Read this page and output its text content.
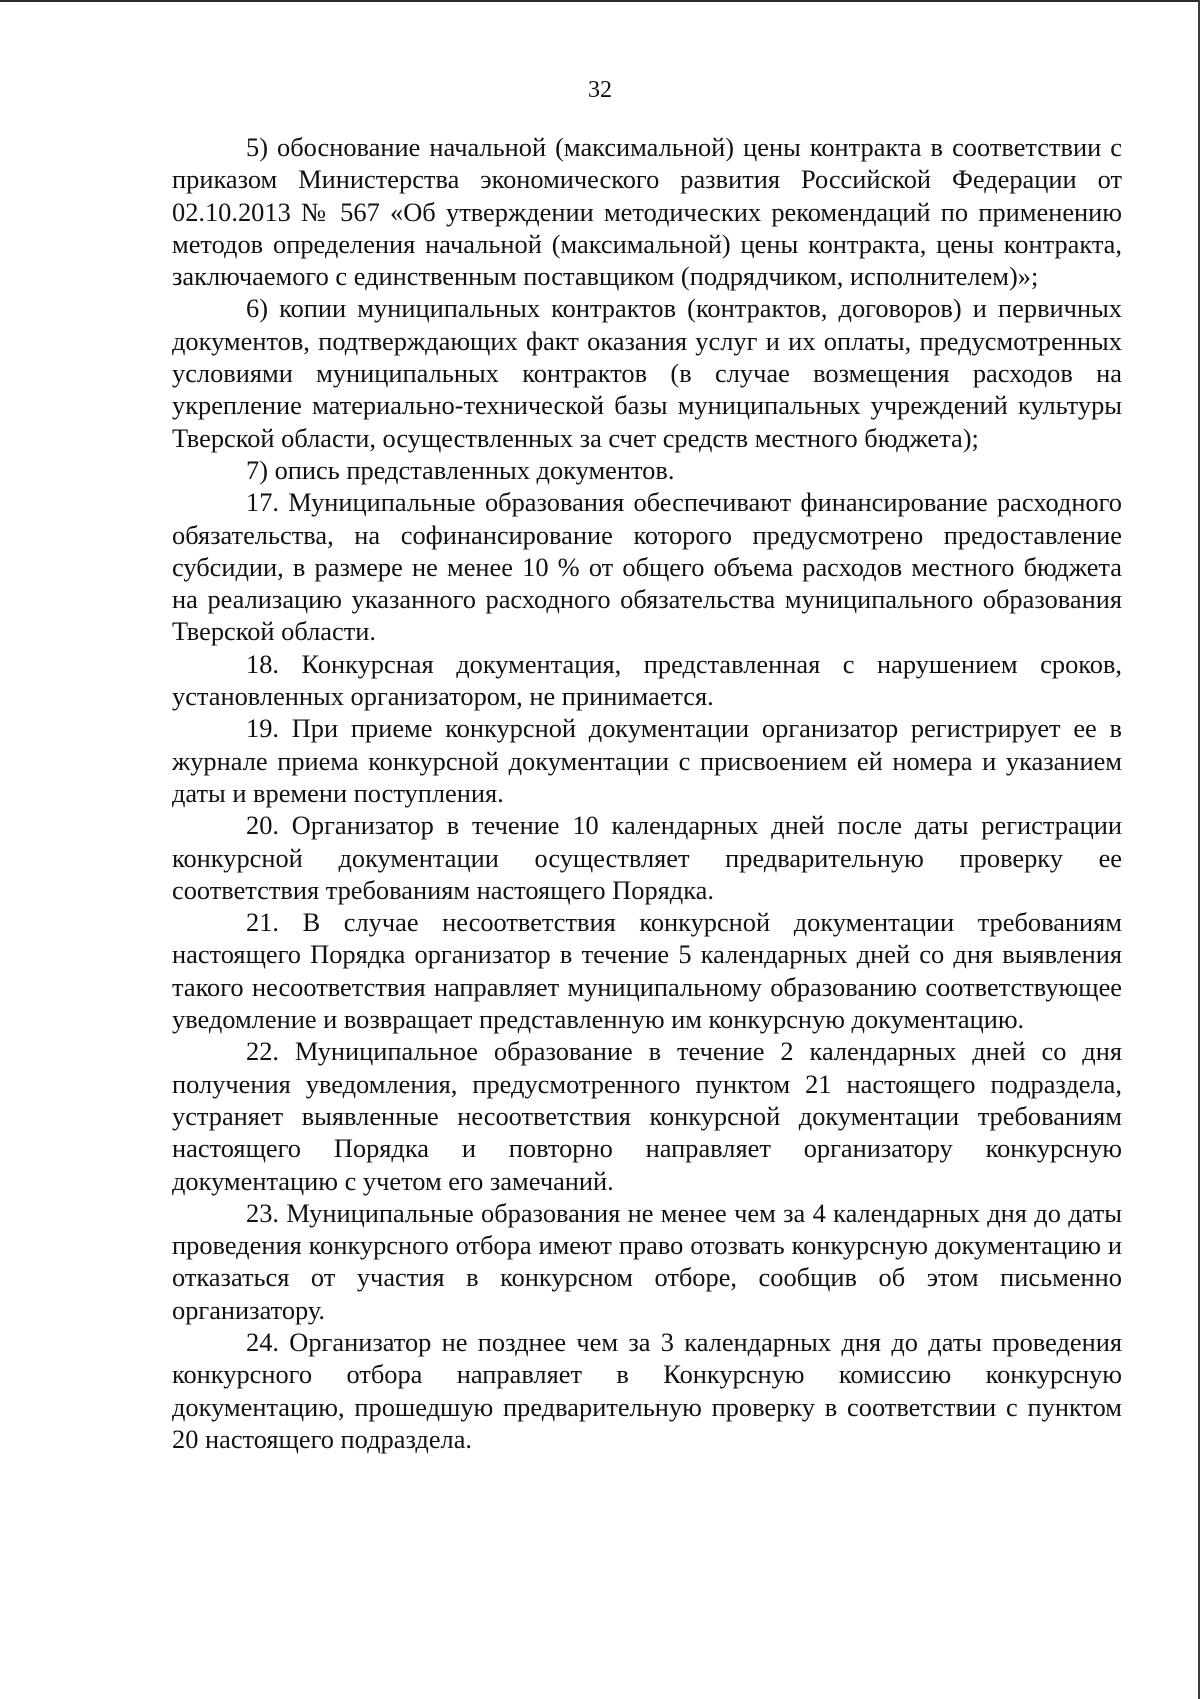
32

5) обоснование начальной (максимальной) цены контракта в соответствии с приказом Министерства экономического развития Российской Федерации от 02.10.2013 № 567 «Об утверждении методических рекомендаций по применению методов определения начальной (максимальной) цены контракта, цены контракта, заключаемого с единственным поставщиком (подрядчиком, исполнителем)»;

6) копии муниципальных контрактов (контрактов, договоров) и первичных документов, подтверждающих факт оказания услуг и их оплаты, предусмотренных условиями муниципальных контрактов (в случае возмещения расходов на укрепление материально-технической базы муниципальных учреждений культуры Тверской области, осуществленных за счет средств местного бюджета);

7) опись представленных документов.

17. Муниципальные образования обеспечивают финансирование расходного обязательства, на софинансирование которого предусмотрено предоставление субсидии, в размере не менее 10 % от общего объема расходов местного бюджета на реализацию указанного расходного обязательства муниципального образования Тверской области.

18. Конкурсная документация, представленная с нарушением сроков, установленных организатором, не принимается.

19. При приеме конкурсной документации организатор регистрирует ее в журнале приема конкурсной документации с присвоением ей номера и указанием даты и времени поступления.

20. Организатор в течение 10 календарных дней после даты регистрации конкурсной документации осуществляет предварительную проверку ее соответствия требованиям настоящего Порядка.

21. В случае несоответствия конкурсной документации требованиям настоящего Порядка организатор в течение 5 календарных дней со дня выявления такого несоответствия направляет муниципальному образованию соответствующее уведомление и возвращает представленную им конкурсную документацию.

22. Муниципальное образование в течение 2 календарных дней со дня получения уведомления, предусмотренного пунктом 21 настоящего подраздела, устраняет выявленные несоответствия конкурсной документации требованиям настоящего Порядка и повторно направляет организатору конкурсную документацию с учетом его замечаний.

23. Муниципальные образования не менее чем за 4 календарных дня до даты проведения конкурсного отбора имеют право отозвать конкурсную документацию и отказаться от участия в конкурсном отборе, сообщив об этом письменно организатору.

24. Организатор не позднее чем за 3 календарных дня до даты проведения конкурсного отбора направляет в Конкурсную комиссию конкурсную документацию, прошедшую предварительную проверку в соответствии с пунктом 20 настоящего подраздела.
